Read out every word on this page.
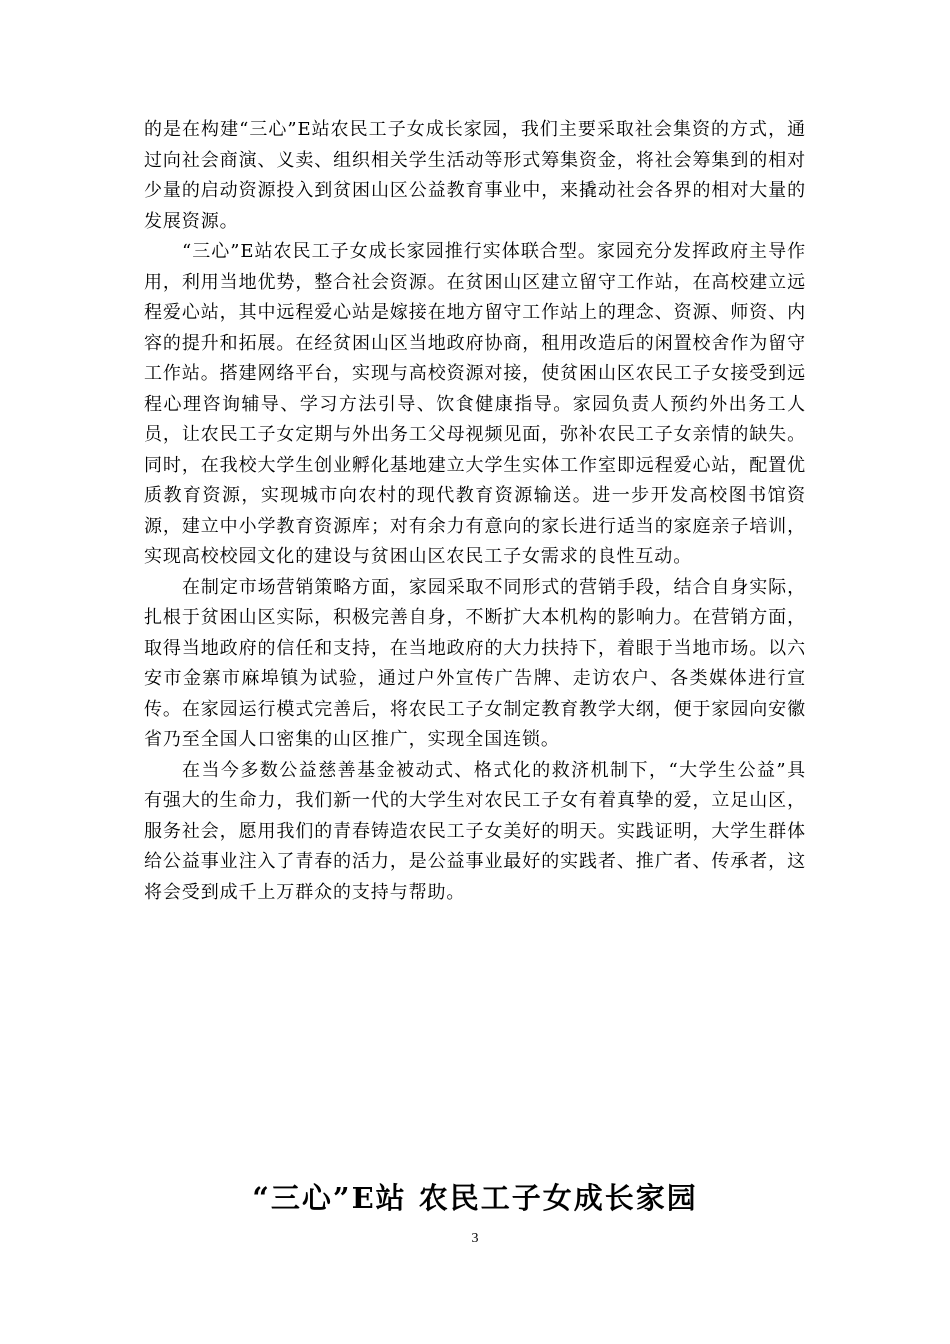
的是在构建“三心”E站农民工子女成长家园，我们主要采取社会集资的方式，通过向社会商演、义卖、组织相关学生活动等形式筹集资金，将社会筹集到的相对少量的启动资源投入到贫困山区公益教育事业中，来撬动社会各界的相对大量的发展资源。

“三心”E站农民工子女成长家园推行实体联合型。家园充分发挥政府主导作用，利用当地优势，整合社会资源。在贫困山区建立留守工作站，在高校建立远程爱心站，其中远程爱心站是嫁接在地方留守工作站上的理念、资源、师资、内容的提升和拓展。在经贫困山区当地政府协商，租用改造后的闲置校舍作为留守工作站。搭建网络平台，实现与高校资源对接，使贫困山区农民工子女接受到远程心理咨询辅导、学习方法引导、饮食健康指导。家园负责人预约外出务工人员，让农民工子女定期与外出务工父母视频见面，弥补农民工子女亲情的缺失。同时，在我校大学生创业孵化基地建立大学生实体工作室即远程爱心站，配置优质教育资源，实现城市向农村的现代教育资源输送。进一步开发高校图书馆资源，建立中小学教育资源库；对有余力有意向的家长进行适当的家庭亲子培训，实现高校校园文化的建设与贫困山区农民工子女需求的良性互动。

在制定市场营销策略方面，家园采取不同形式的营销手段，结合自身实际，扎根于贫困山区实际，积极完善自身，不断扩大本机构的影响力。在营销方面，取得当地政府的信任和支持，在当地政府的大力扶持下，着眼于当地市场。以六安市金寨市麻埠镇为试验，通过户外宣传广告牌、走访农户、各类媒体进行宣传。在家园运行模式完善后，将农民工子女制定教育教学大纲，便于家园向安徽省乃至全国人口密集的山区推广，实现全国连锁。

在当今多数公益慈善基金被动式、格式化的救济机制下，“大学生公益”具有强大的生命力，我们新一代的大学生对农民工子女有着真挚的爱，立足山区，服务社会，愿用我们的青春铸造农民工子女美好的明天。实践证明，大学生群体给公益事业注入了青春的活力，是公益事业最好的实践者、推广者、传承者，这将会受到成千上万群众的支持与帮助。

“三心”E站 农民工子女成长家园
3
